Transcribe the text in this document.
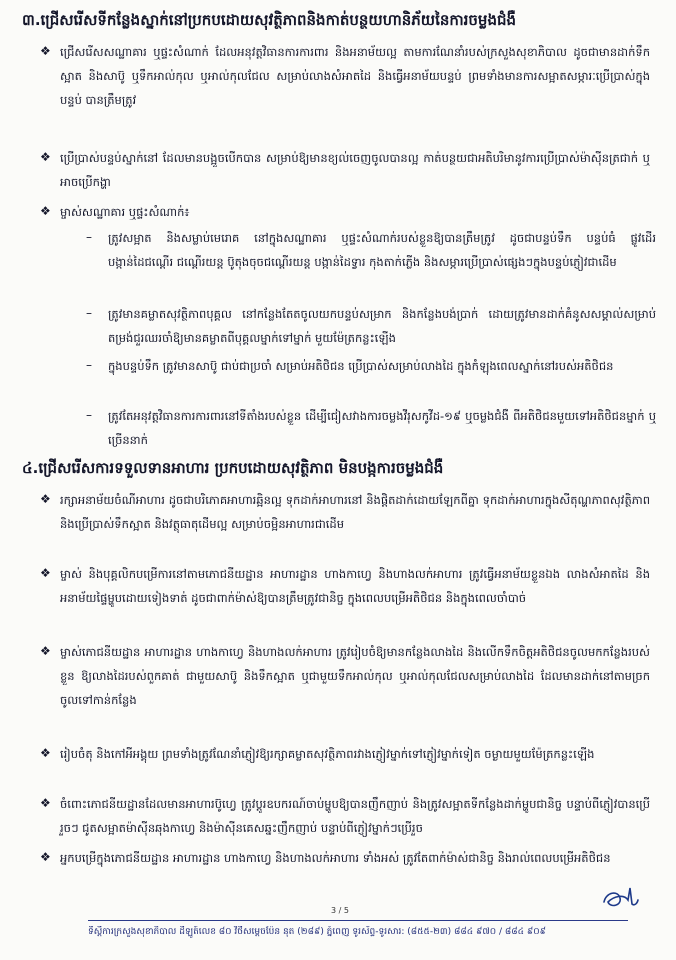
៣.ជ្រើសរើសទីកន្លែងស្នាក់នៅប្រកបដោយសុវត្ថិភាពនិងកាត់បន្ថយហានិភ័យនៃការចម្លងជំងឺ
❖ ជ្រើសរើសសណ្ឋាគារ ឬផ្ទះសំណាក់ ដែលអនុវត្តវិធានការការពារ និងអនាម័យល្អ តាមការណែនាំរបស់ក្រសួងសុខាភិបាល ដូចជាមានដាក់ទឹកស្អាត និងសាប៊ូ ឬទឹកអាល់កុល ឬអាល់កុលជែល សម្រាប់លាងសំអាតដៃ និងធ្វើអនាម័យបន្ទប់ ព្រមទាំងមានការសម្អាតសម្ភារៈប្រើប្រាស់ក្នុងបន្ទប់ បានត្រឹមត្រូវ
❖ ប្រើប្រាស់បន្ទប់ស្នាក់នៅ ដែលមានបង្អួចបើកបាន សម្រាប់ឱ្យមានខ្យល់ចេញចូលបានល្អ កាត់បន្ថយជាអតិបរិមានូវការប្រើប្រាស់ម៉ាស៊ីនត្រជាក់ ឬអាចប្រើកង្ហា
❖ ម្ចាស់សណ្ឋាគារ ឬផ្ទះសំណាក់៖
– ត្រូវសម្អាត និងសម្លាប់មេរោគ នៅក្នុងសណ្ឋាគារ ឬផ្ទះសំណាក់របស់ខ្លួនឱ្យបានត្រឹមត្រូវ ដូចជាបន្ទប់ទឹក បន្ទប់ធំ ផ្លូវដើរ បង្កាន់ដៃជណ្តើរ ជណ្តើរយន្ត ប៊ូតុងចុចជណ្តើរយន្ត បង្កាន់ដៃទ្វារ កុងតាក់ភ្លើង និងសម្ភារប្រើប្រាស់ផ្សេងៗក្នុងបន្ទប់ភ្ញៀវជាដើម
– ត្រូវមានគម្លាតសុវត្ថិភាពបុគ្គល នៅកន្លែងតែតចូលយកបន្ទប់សម្រាក និងកន្លែងបង់ប្រាក់ ដោយត្រូវមានដាក់គំនូសសម្គាល់សម្រាប់តម្រង់ជួរឈរចាំឱ្យមានគម្លាតពីបុគ្គលម្នាក់ទៅម្នាក់ មួយម៉ែត្រកន្លះឡើង
– ក្នុងបន្ទប់ទឹក ត្រូវមានសាប៊ូ ជាប់ជាប្រចាំ សម្រាប់អតិថិជន ប្រើប្រាស់សម្រាប់លាងដៃ ក្នុងកំឡុងពេលស្នាក់នៅរបស់អតិថិជន
– ត្រូវតែអនុវត្តវិធានការការពារនៅទីតាំងរបស់ខ្លួន ដើម្បីជៀសវាងការចម្លងវីរុសកូវីដ-១៩ ឬចម្លងជំងឺ ពីអតិថិជនមួយទៅអតិថិជនម្នាក់ ឬច្រើននាក់
៤.ជ្រើសរើសការទទួលទានអាហារ ប្រកបដោយសុវត្ថិភាព មិនបង្កការចម្លងជំងឺ
❖ រក្សាអនាម័យចំណីអាហារ ដូចជាបរិភោគអាហារឆ្អិនល្អ ទុកដាក់អាហារនៅ និងផ្តិតដាក់ដោយឡែកពីគ្នា ទុកដាក់អាហារក្នុងសីតុណ្ហភាពសុវត្ថិភាព និងប្រើប្រាស់ទឹកស្អាត និងវត្ថុធាតុដើមល្អ សម្រាប់ចម្អិនអាហារជាដើម
❖ ម្ចាស់ និងបុគ្គលិកបម្រើការនៅតាមភោជនីយដ្ឋាន អាហារដ្ឋាន ហាងកាហ្វេ និងហាងលក់អាហារ ត្រូវធ្វើអនាម័យខ្លួនឯង លាងសំអាតដៃ និងអនាម័យផ្ទៃម្ហូបដោយទៀងទាត់ ដូចជាពាក់ម៉ាស់ឱ្យបានត្រឹមត្រូវជានិច្ច ក្នុងពេលបម្រើអតិថិជន និងក្នុងពេលចាំបាច់
❖ ម្ចាស់ភោជនីយដ្ឋាន អាហារដ្ឋាន ហាងកាហ្វេ និងហាងលក់អាហារ ត្រូវរៀបចំឱ្យមានកន្លែងលាងដៃ និងលើកទឹកចិត្តអតិថិជនចូលមកកន្លែងរបស់ខ្លួន ឱ្យលាងដៃរបស់ពួកគាត់ ជាមួយសាប៊ូ និងទឹកស្អាត ឬជាមួយទឹកអាល់កុល ឬអាល់កុលជែលសម្រាប់លាងដៃ ដែលមានដាក់នៅតាមច្រកចូលទៅកាន់កន្លែង
❖ រៀបចំតុ និងកៅអីអង្គុយ ព្រមទាំងត្រូវណែនាំភ្ញៀវឱ្យរក្សាគម្លាតសុវត្ថិភាពរវាងភ្ញៀវម្នាក់ទៅភ្ញៀវម្នាក់ទៀត ចម្ងាយមួយម៉ែត្រកន្លះឡើង
❖ ចំពោះភោជនីយដ្ឋានដែលមានអាហារប៊ូហ្វេ ត្រូវប្តូរឧបករណ៍ចាប់ម្ហូបឱ្យបានញឹកញាប់ និងត្រូវសម្អាតទីកន្លែងដាក់ម្ហូបជានិច្ច បន្ទាប់ពីភ្ញៀវបានប្រើរួចៗ ជូតសម្អាតម៉ាស៊ីនឆុងកាហ្វេ និងម៉ាស៊ីនគេសឆ្នះញឹកញាប់ បន្ទាប់ពីភ្ញៀវម្នាក់ៗប្រើរួច
❖ អ្នកបម្រើក្នុងភោជនីយដ្ឋាន អាហារដ្ឋាន ហាងកាហ្វេ និងហាងលក់អាហារ ទាំងអស់ ត្រូវតែពាក់ម៉ាស់ជានិច្ច និងរាល់ពេលបម្រើអតិថិជន
3 / 5
ទីស្តីការក្រសួងសុខាភិបាល ដីឡូត៍លេខ ៨០ វិថីសម្តេចប៉ែន នុត (២៨៩) ភ្នំពេញ ទូរស័ព្ទ-ទូរសារ: (៨៥៥-២៣) ៨៨៤ ៩៧០ / ៨៨៤ ៩០៩
